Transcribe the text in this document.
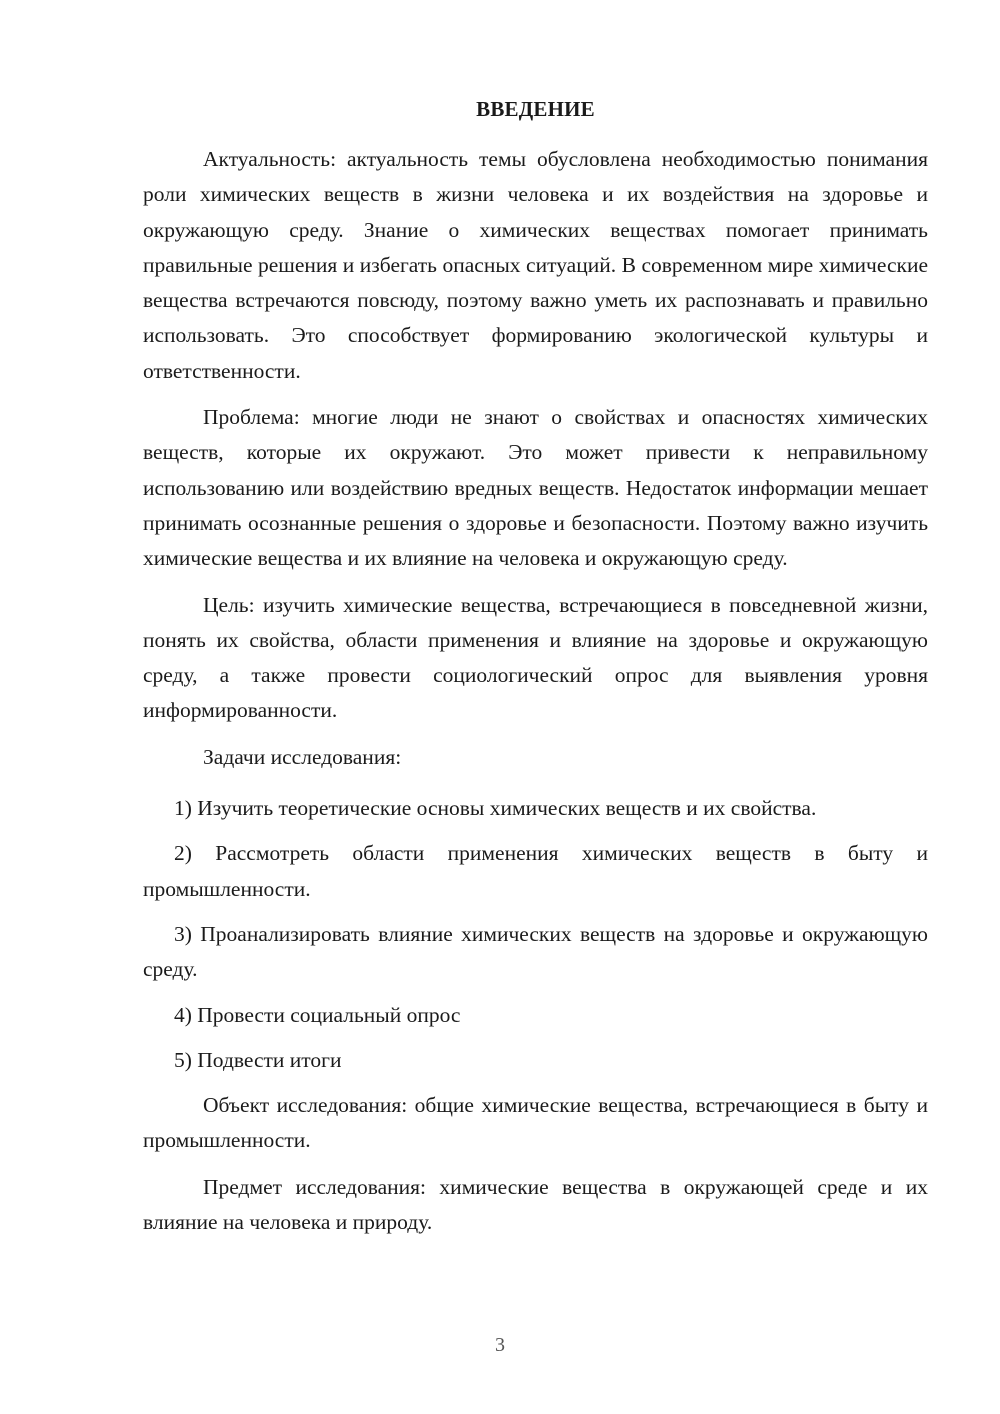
ВВЕДЕНИЕ

Актуальность: актуальность темы обусловлена необходимостью понимания роли химических веществ в жизни человека и их воздействия на здоровье и окружающую среду. Знание о химических веществах помогает принимать правильные решения и избегать опасных ситуаций. В современном мире химические вещества встречаются повсюду, поэтому важно уметь их распознавать и правильно использовать. Это способствует формированию экологической культуры и ответственности.

Проблема: многие люди не знают о свойствах и опасностях химических веществ, которые их окружают. Это может привести к неправильному использованию или воздействию вредных веществ. Недостаток информации мешает принимать осознанные решения о здоровье и безопасности. Поэтому важно изучить химические вещества и их влияние на человека и окружающую среду.

Цель: изучить химические вещества, встречающиеся в повседневной жизни, понять их свойства, области применения и влияние на здоровье и окружающую среду, а также провести социологический опрос для выявления уровня информированности.

Задачи исследования:

1) Изучить теоретические основы химических веществ и их свойства.

2) Рассмотреть области применения химических веществ в быту и промышленности.

3) Проанализировать влияние химических веществ на здоровье и окружающую среду.

4) Провести социальный опрос

5) Подвести итоги

Объект исследования: общие химические вещества, встречающиеся в быту и промышленности.

Предмет исследования: химические вещества в окружающей среде и их влияние на человека и природу.

3
